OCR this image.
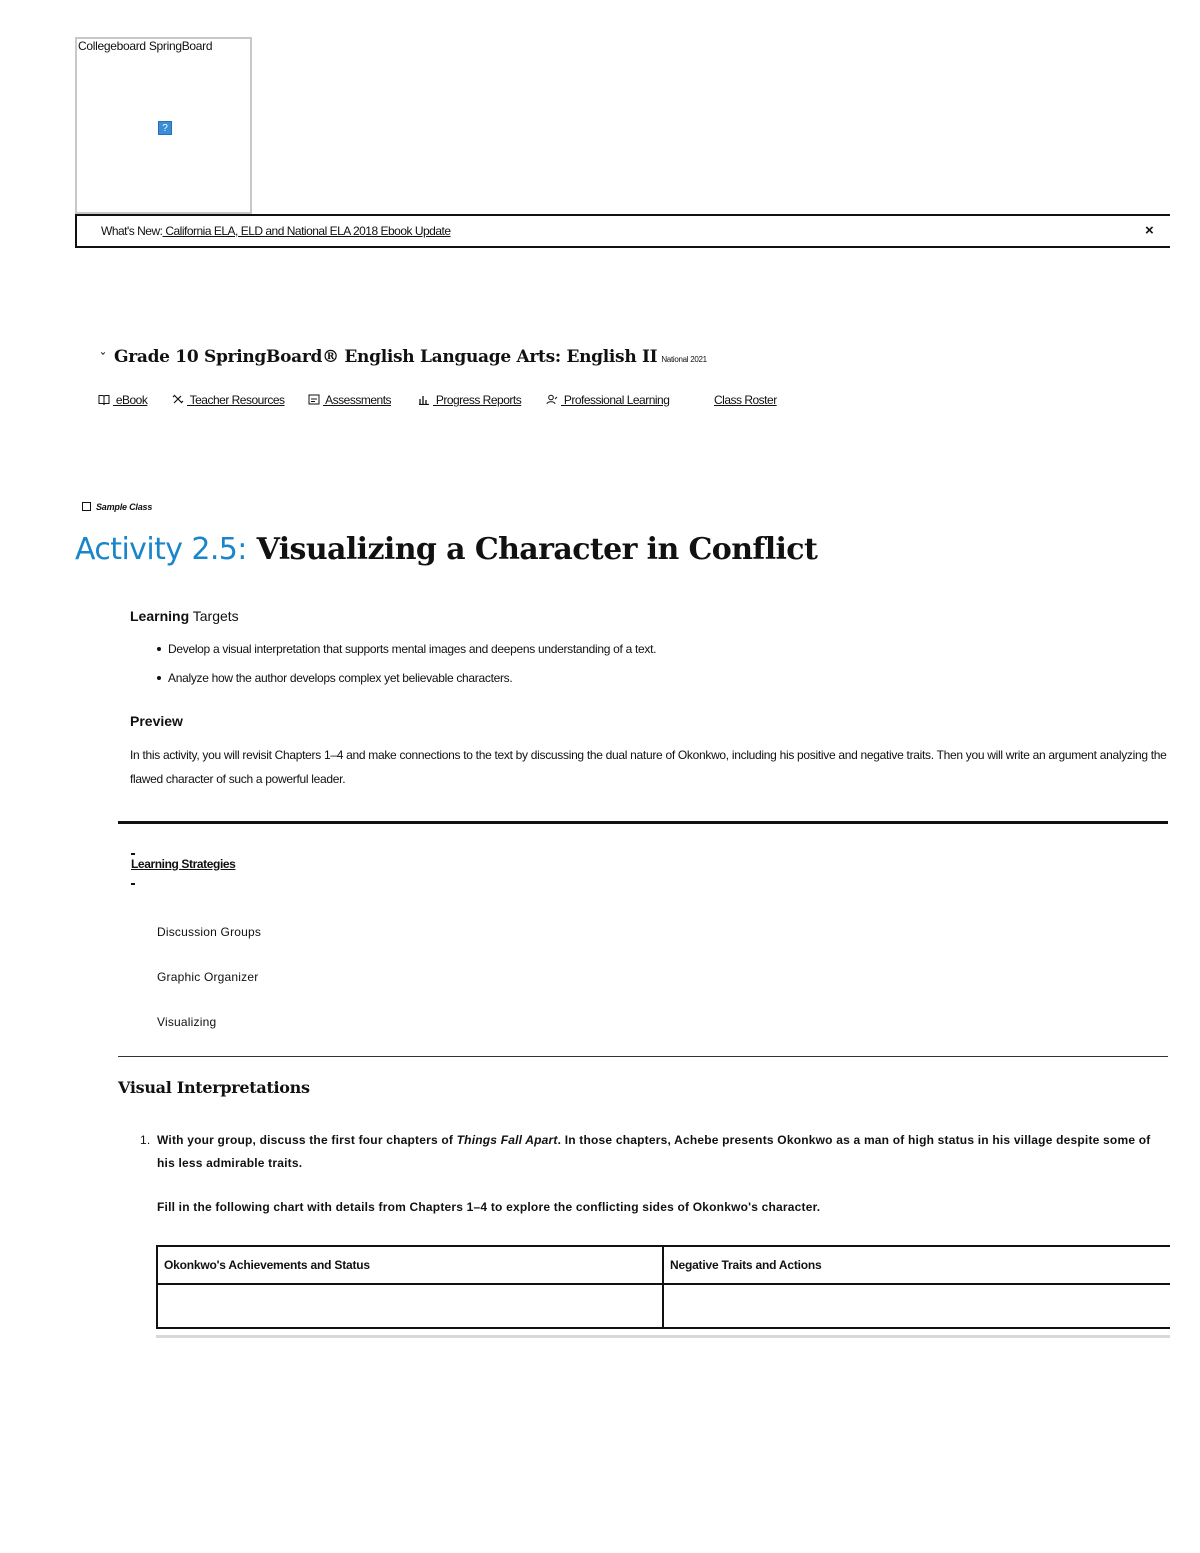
Collegeboard SpringBoard
?
What's New: California ELA, ELD and National ELA 2018 Ebook Update	×
ˇ Grade 10 SpringBoard® English Language Arts: English II National 2021
eBook	Teacher Resources	Assessments	Progress Reports	Professional Learning	Class Roster
Sample Class
Activity 2.5: Visualizing a Character in Conflict
Learning Targets
Develop a visual interpretation that supports mental images and deepens understanding of a text.
Analyze how the author develops complex yet believable characters.
Preview
In this activity, you will revisit Chapters 1–4 and make connections to the text by discussing the dual nature of Okonkwo, including his positive and negative traits. Then you will write an argument analyzing the flawed character of such a powerful leader.
Learning Strategies
Discussion Groups
Graphic Organizer
Visualizing
Visual Interpretations
1. With your group, discuss the first four chapters of Things Fall Apart. In those chapters, Achebe presents Okonkwo as a man of high status in his village despite some of his less admirable traits.
Fill in the following chart with details from Chapters 1–4 to explore the conflicting sides of Okonkwo's character.
Okonkwo's Achievements and Status	Negative Traits and Actions
